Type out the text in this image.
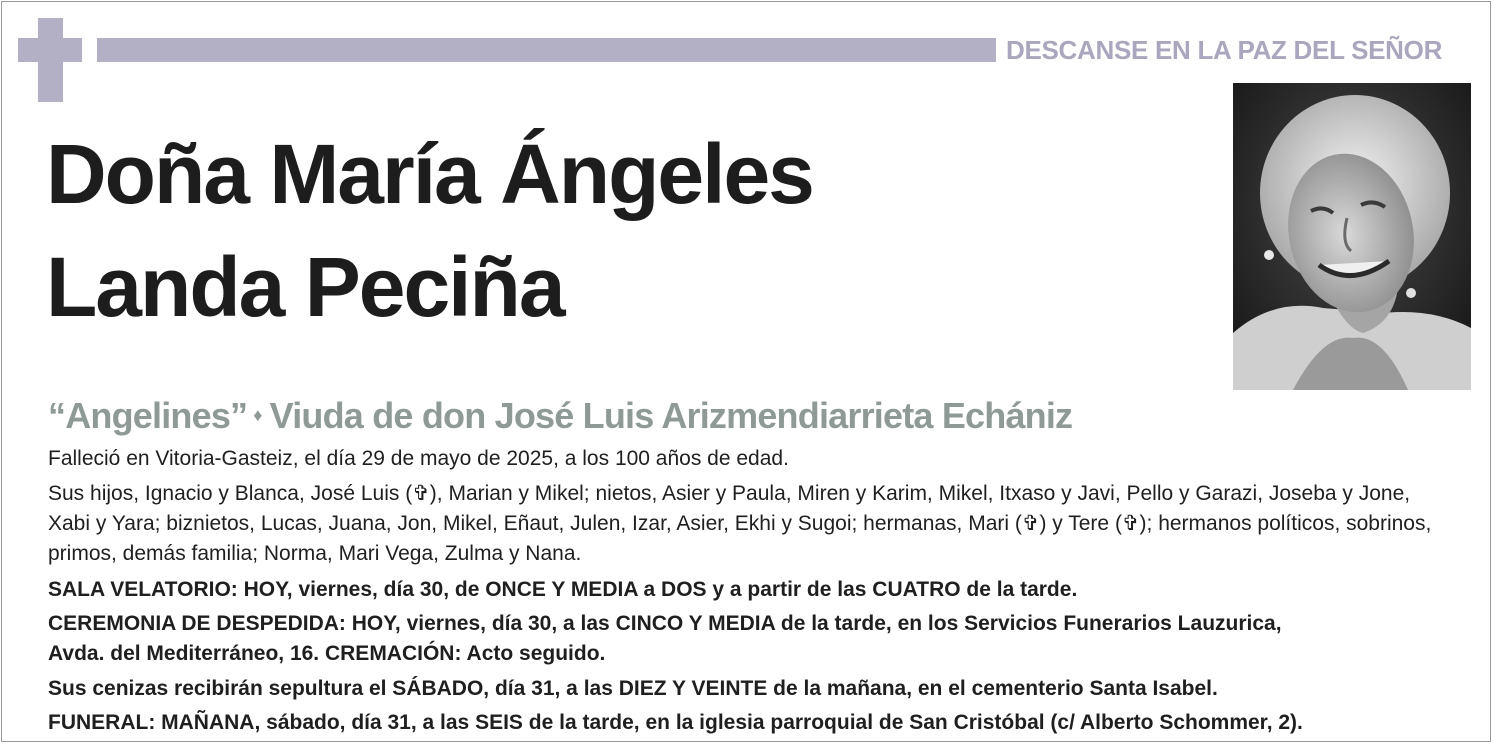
DESCANSE EN LA PAZ DEL SEÑOR
Doña María Ángeles
Landa Peciña
“Angelines” ♦ Viuda de don José Luis Arizmendiarrieta Echániz
Falleció en Vitoria-Gasteiz, el día 29 de mayo de 2025, a los 100 años de edad.
Sus hijos, Ignacio y Blanca, José Luis (✞), Marian y Mikel; nietos, Asier y Paula, Miren y Karim, Mikel, Itxaso y Javi, Pello y Garazi, Joseba y Jone, Xabi y Yara; biznietos, Lucas, Juana, Jon, Mikel, Eñaut, Julen, Izar, Asier, Ekhi y Sugoi; hermanas, Mari (✞) y Tere (✞); hermanos políticos, sobrinos, primos, demás familia; Norma, Mari Vega, Zulma y Nana.
SALA VELATORIO: HOY, viernes, día 30, de ONCE Y MEDIA a DOS y a partir de las CUATRO de la tarde.
CEREMONIA DE DESPEDIDA: HOY, viernes, día 30, a las CINCO Y MEDIA de la tarde, en los Servicios Funerarios Lauzurica,
Avda. del Mediterráneo, 16. CREMACIÓN: Acto seguido.
Sus cenizas recibirán sepultura el SÁBADO, día 31, a las DIEZ Y VEINTE de la mañana, en el cementerio Santa Isabel.
FUNERAL: MAÑANA, sábado, día 31, a las SEIS de la tarde, en la iglesia parroquial de San Cristóbal (c/ Alberto Schommer, 2).
